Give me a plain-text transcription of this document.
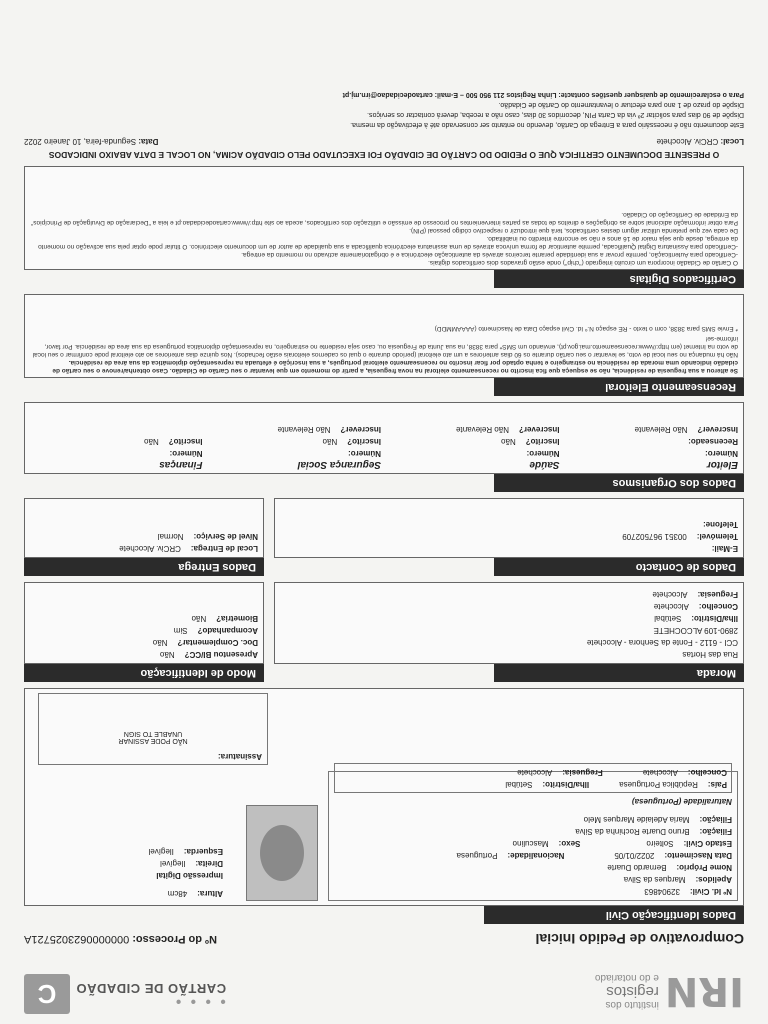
IRN
instituto dos
registos
e do notariado
● ● ● ●
CARTÃO DE CIDADÃO
C
Comprovativo de Pedido Inicial
Nº do Processo: 0000000623025721A
Dados Identificação Civil
Nº Id. Civil:
32904863
Apelidos:
Marques da Silva
Nome Próprio:
Bernardo Duarte
Data Nascimento:
2022/01/05
Nacionalidade:
Portuguesa
Estado Civil:
Solteiro
Sexo:
Masculino
Filiação:
Bruno Duarte Rochinha da Silva
Filiação:
Maria Adelaide Marques Melo
Naturalidade (Portuguesa)
País:
República Portuguesa
Ilha/Distrito:
Setúbal
Concelho:
Alcochete
Freguesia:
Alcochete
Altura:
48cm
Impressão Digital
Direita:
Ilegível
Esquerda:
Ilegível
Assinatura:
NÃO PODE ASSINAR
UNABLE TO SIGN
Morada
Rua das Hortas
CCI - 6112 - Fonte da Senhora - Alcochete
2890-109 ALCOCHETE
Ilha/Distrito:
Setúbal
Concelho:
Alcochete
Freguesia:
Alcochete
Modo de Identificação
Apresentou BI/CC?
Não
Doc. Complementar?
Não
Acompanhado?
Sim
Biometria?
Não
Dados de Contacto
E-Mail:
Telemóvel:
00351 967502709
Telefone:
Dados Entrega
Local de Entrega:
CRCiv. Alcochete
Nível de Serviço:
Normal
Dados dos Organismos
Eleitor
Número:
Recenseado:
Inscrever?
Não Relevante
Saúde
Número:
Inscrito?
Não
Inscrever?
Não Relevante
Segurança Social
Número:
Inscrito?
Não
Inscrever?
Não Relevante
Finanças
Número:
Inscrito?
Não
Recenseamento Eleitoral
Se alterou a sua freguesia de residência, não se esqueça que fica inscrito no recenseamento eleitoral na nova freguesia, a partir do momento em que levantar o seu Cartão de Cidadão. Caso obtenha/renove o seu cartão de cidadão indicando uma morada de residência no estrangeiro e tenha optado por ficar inscrito no recenseamento eleitoral português, a sua inscrição é efetuada na representação diplomática da sua área de residência.
Não há mudança no seu local de voto, se levantar o seu cartão durante os 60 dias anteriores a um ato eleitoral (período durante o qual os cadernos eleitorais estão fechados). Nos quinze dias anteriores ao ato eleitoral pode confirmar o seu local de voto na Internet (em http://www.recenseamento.mai.gov.pt), enviando um SMS* para 3838, na sua Junta de Freguesia ou, caso seja residente no estrangeiro, na representação diplomática portuguesa da sua área de residência. Por favor, informe-se!
* Envie SMS para 3838, com o texto - RE espaço N.º Id. Civil espaço Data de Nascimento (AAAAMMDD)
Certificados Digitais
O Cartão de Cidadão incorpora um circuito integrado ("chip") onde estão gravados dois certificados digitais.
-Certificado para Autenticação, permite provar a sua identidade perante terceiros através da autenticação electrónica e é obrigatoriamente activado no momento da entrega.
-Certificado para Assinatura Digital Qualificada, permite autenticar de forma unívoca através de uma assinatura electrónica qualificada a sua qualidade de autor de um documento electrónico. O titular pode optar pela sua activação no momento da entrega, desde que seja maior de 16 anos e não se encontre interdito ou inabilitado.
De cada vez que pretenda utilizar algum destes certificados, terá que introduzir o respectivo código pessoal (PIN).
Para obter informação adicional sobre as obrigações e direitos de todas as partes intervenientes no processo de emissão e utilização dos certificados, aceda ao site http://www.cartaodecidadao.pt e leia a "Declaração de Divulgação de Princípios" da Entidade de Certificação do Cidadão.
O PRESENTE DOCUMENTO CERTIFICA QUE O PEDIDO DO CARTÃO DE CIDADÃO FOI EXECUTADO PELO CIDADÃO ACIMA, NO LOCAL E DATA ABAIXO INDICADOS
Local: CRCiv. Alcochete
Data: Segunda-feira, 10 Janeiro 2022
Este documento não é necessário para a Entrega do Cartão, devendo no entanto ser conservado até à efectivação da mesma.
Dispõe de 90 dias para solicitar 2ª via da Carta PIN, decorridos 30 dias, caso não a receba, deverá contactar os serviços.
Dispõe do prazo de 1 ano para efectuar o levantamento do Cartão de Cidadão.
Para o esclarecimento de quaisquer questões contacte: Linha Registos 211 950 500 – E-mail: cartaodecidadao@irn.mj.pt
